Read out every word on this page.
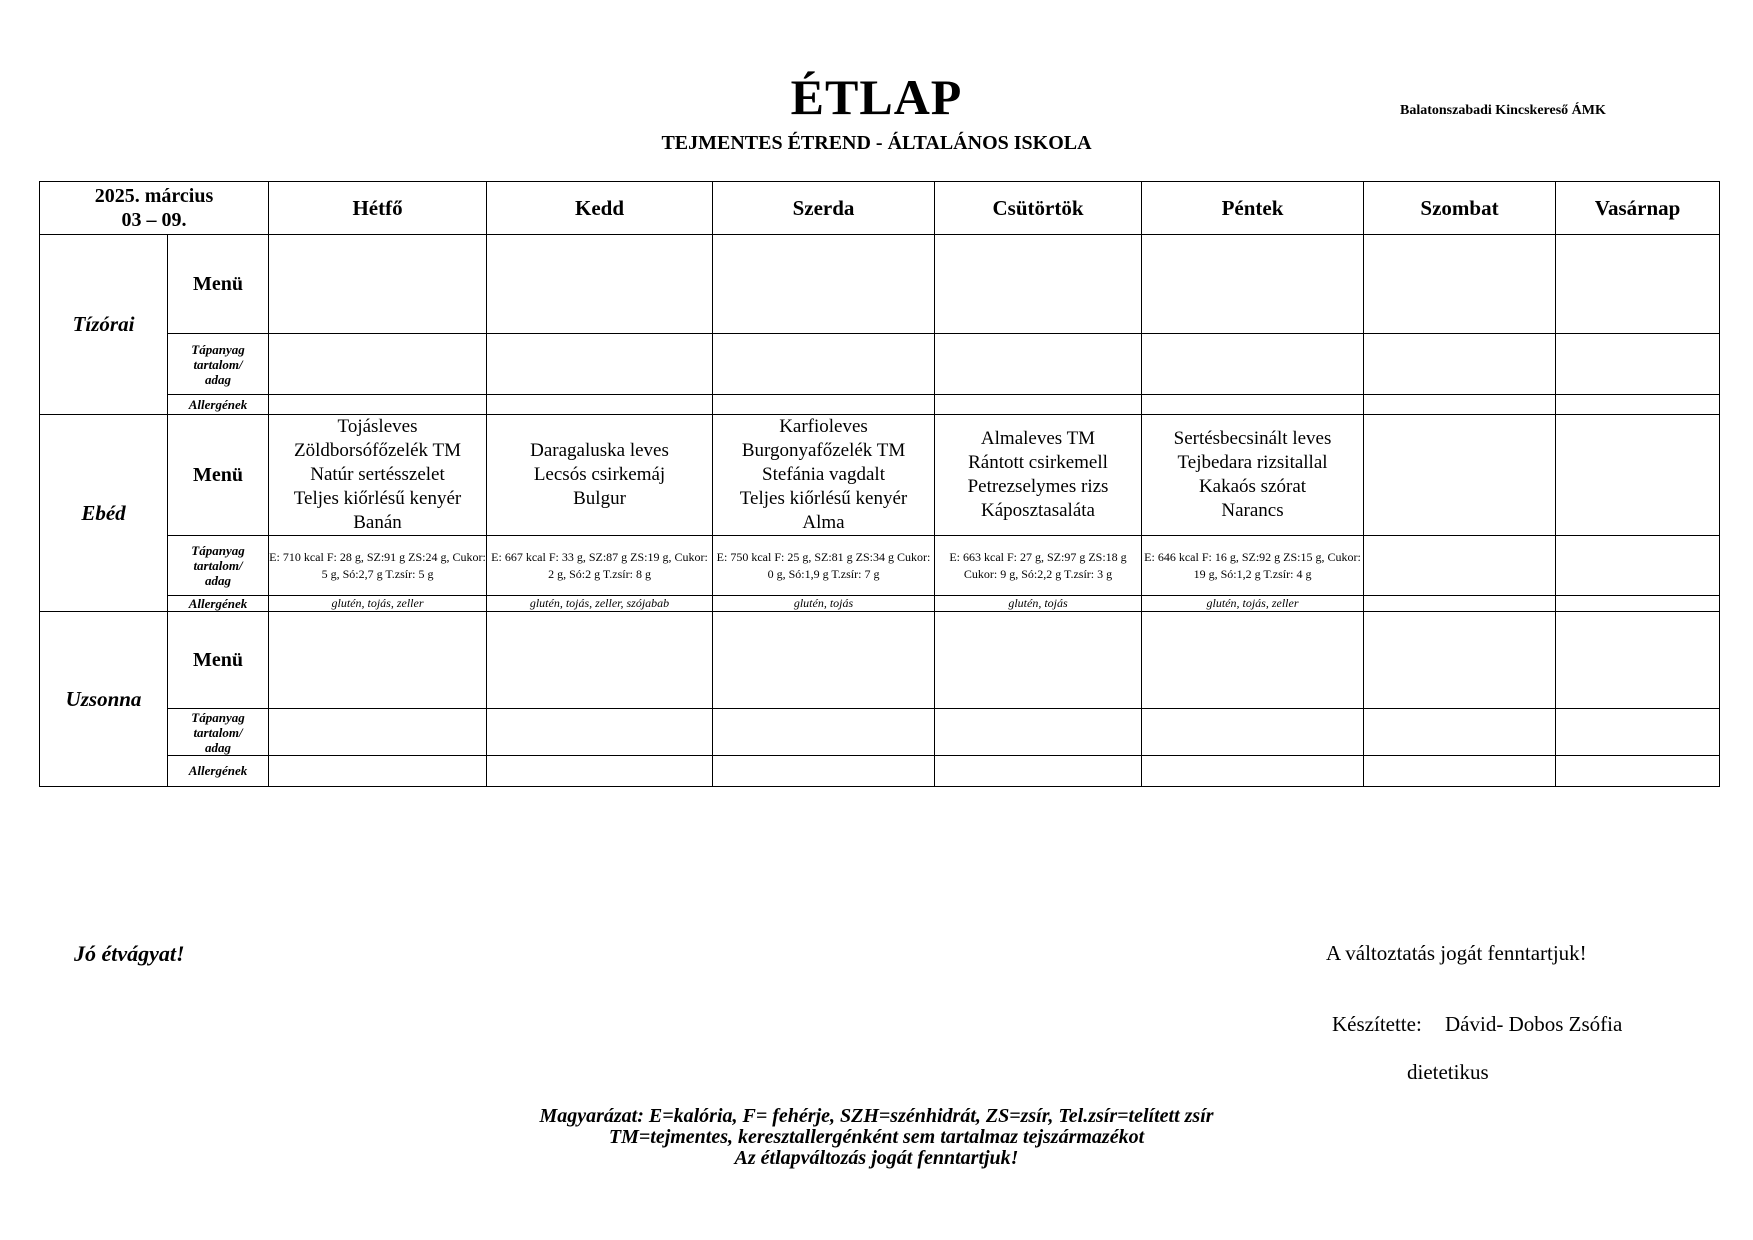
ÉTLAP
TEJMENTES ÉTREND - ÁLTALÁNOS ISKOLA
Balatonszabadi Kincskereső ÁMK
2025. március
03 – 09.		Hétfő	Kedd	Szerda	Csütörtök	Péntek	Szombat	Vasárnap
Tízórai	Menü							

	Tápanyag
tartalom/
adag							

	Allergének							
Ebéd	Menü	Tojásleves
Zöldborsófőzelék TM
Natúr sertésszelet
Teljes kiőrlésű kenyér
Banán	Daragaluska leves
Lecsós csirkemáj
Bulgur	Karfioleves
Burgonyafőzelék TM
Stefánia vagdalt
Teljes kiőrlésű kenyér
Alma	Almaleves TM
Rántott csirkemell
Petrezselymes rizs
Káposztasaláta	Sertésbecsinált leves
Tejbedara rizsitallal
Kakaós szórat
Narancs		

	Tápanyag
tartalom/
adag	E: 710 kcal F: 28 g, SZ:91 g ZS:24 g, Cukor: 5 g, Só:2,7 g T.zsír: 5 g	E: 667 kcal F: 33 g, SZ:87 g ZS:19 g, Cukor: 2 g, Só:2 g T.zsír: 8 g	E: 750 kcal F: 25 g, SZ:81 g ZS:34 g Cukor: 0 g, Só:1,9 g T.zsír: 7 g	E: 663 kcal F: 27 g, SZ:97 g ZS:18 g Cukor: 9 g, Só:2,2 g T.zsír: 3 g	E: 646 kcal F: 16 g, SZ:92 g ZS:15 g, Cukor: 19 g, Só:1,2 g T.zsír: 4 g		
	Allergének	glutén, tojás, zeller	glutén, tojás, zeller, szójabab	glutén, tojás	glutén, tojás	glutén, tojás, zeller		
Uzsonna	Menü							

	Tápanyag
tartalom/
adag							

	Allergének							
Jó étvágyat!	A változtatás jogát fenntartjuk!
Készítette: Dávid- Dobos Zsófia
dietetikus
Magyarázat: E=kalória, F= fehérje, SZH=szénhidrát, ZS=zsír, Tel.zsír=telített zsír
TM=tejmentes, keresztallergénként sem tartalmaz tejszármazékot
Az étlapváltozás jogát fenntartjuk!
